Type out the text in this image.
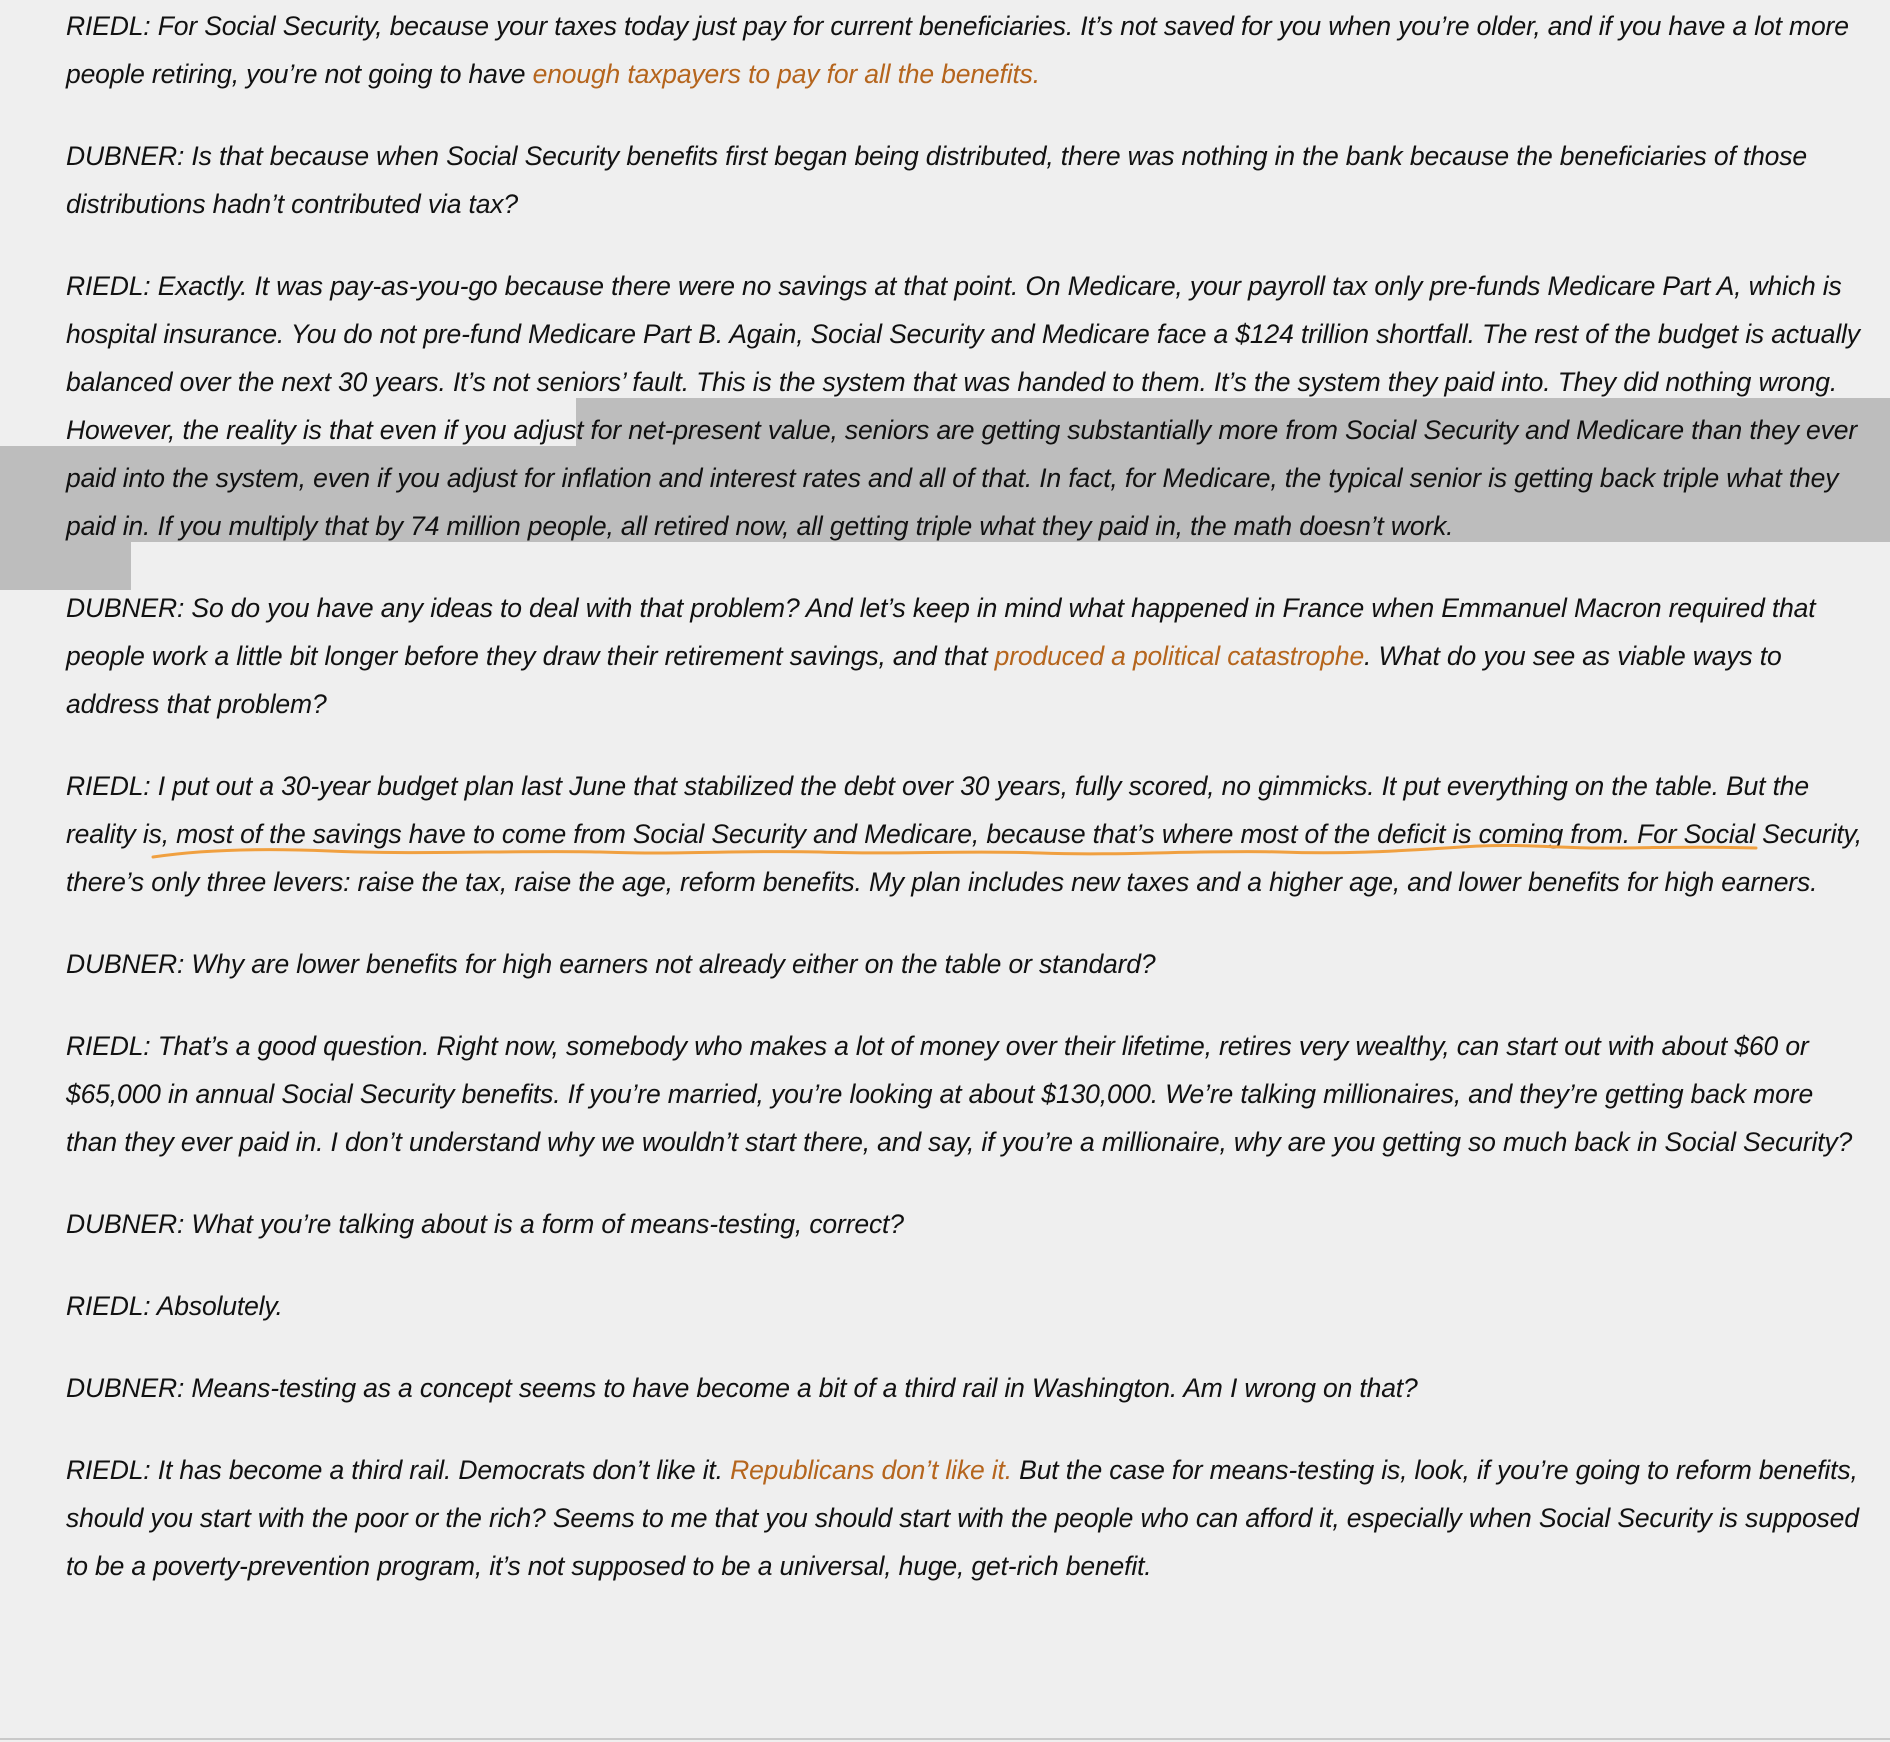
RIEDL: For Social Security, because your taxes today just pay for current beneficiaries. It’s not saved for you when you’re older, and if you have a lot more people retiring, you’re not going to have enough taxpayers to pay for all the benefits.

DUBNER: Is that because when Social Security benefits first began being distributed, there was nothing in the bank because the beneficiaries of those distributions hadn’t contributed via tax?

RIEDL: Exactly. It was pay-as-you-go because there were no savings at that point. On Medicare, your payroll tax only pre-funds Medicare Part A, which is hospital insurance. You do not pre-fund Medicare Part B. Again, Social Security and Medicare face a $124 trillion shortfall. The rest of the budget is actually balanced over the next 30 years. It’s not seniors’ fault. This is the system that was handed to them. It’s the system they paid into. They did nothing wrong. However, the reality is that even if you adjust for net-present value, seniors are getting substantially more from Social Security and Medicare than they ever paid into the system, even if you adjust for inflation and interest rates and all of that. In fact, for Medicare, the typical senior is getting back triple what they paid in. If you multiply that by 74 million people, all retired now, all getting triple what they paid in, the math doesn’t work.

DUBNER: So do you have any ideas to deal with that problem? And let’s keep in mind what happened in France when Emmanuel Macron required that people work a little bit longer before they draw their retirement savings, and that produced a political catastrophe. What do you see as viable ways to address that problem?

RIEDL: I put out a 30-year budget plan last June that stabilized the debt over 30 years, fully scored, no gimmicks. It put everything on the table. But the reality is, most of the savings have to come from Social Security and Medicare, because that’s where most of the deficit is coming from. For Social Security, there’s only three levers: raise the tax, raise the age, reform benefits. My plan includes new taxes and a higher age, and lower benefits for high earners.

DUBNER: Why are lower benefits for high earners not already either on the table or standard?

RIEDL: That’s a good question. Right now, somebody who makes a lot of money over their lifetime, retires very wealthy, can start out with about $60 or $65,000 in annual Social Security benefits. If you’re married, you’re looking at about $130,000. We’re talking millionaires, and they’re getting back more than they ever paid in. I don’t understand why we wouldn’t start there, and say, if you’re a millionaire, why are you getting so much back in Social Security?

DUBNER: What you’re talking about is a form of means-testing, correct?

RIEDL: Absolutely.

DUBNER: Means-testing as a concept seems to have become a bit of a third rail in Washington. Am I wrong on that?

RIEDL: It has become a third rail. Democrats don’t like it. Republicans don’t like it. But the case for means-testing is, look, if you’re going to reform benefits, should you start with the poor or the rich? Seems to me that you should start with the people who can afford it, especially when Social Security is supposed to be a poverty-prevention program, it’s not supposed to be a universal, huge, get-rich benefit.
